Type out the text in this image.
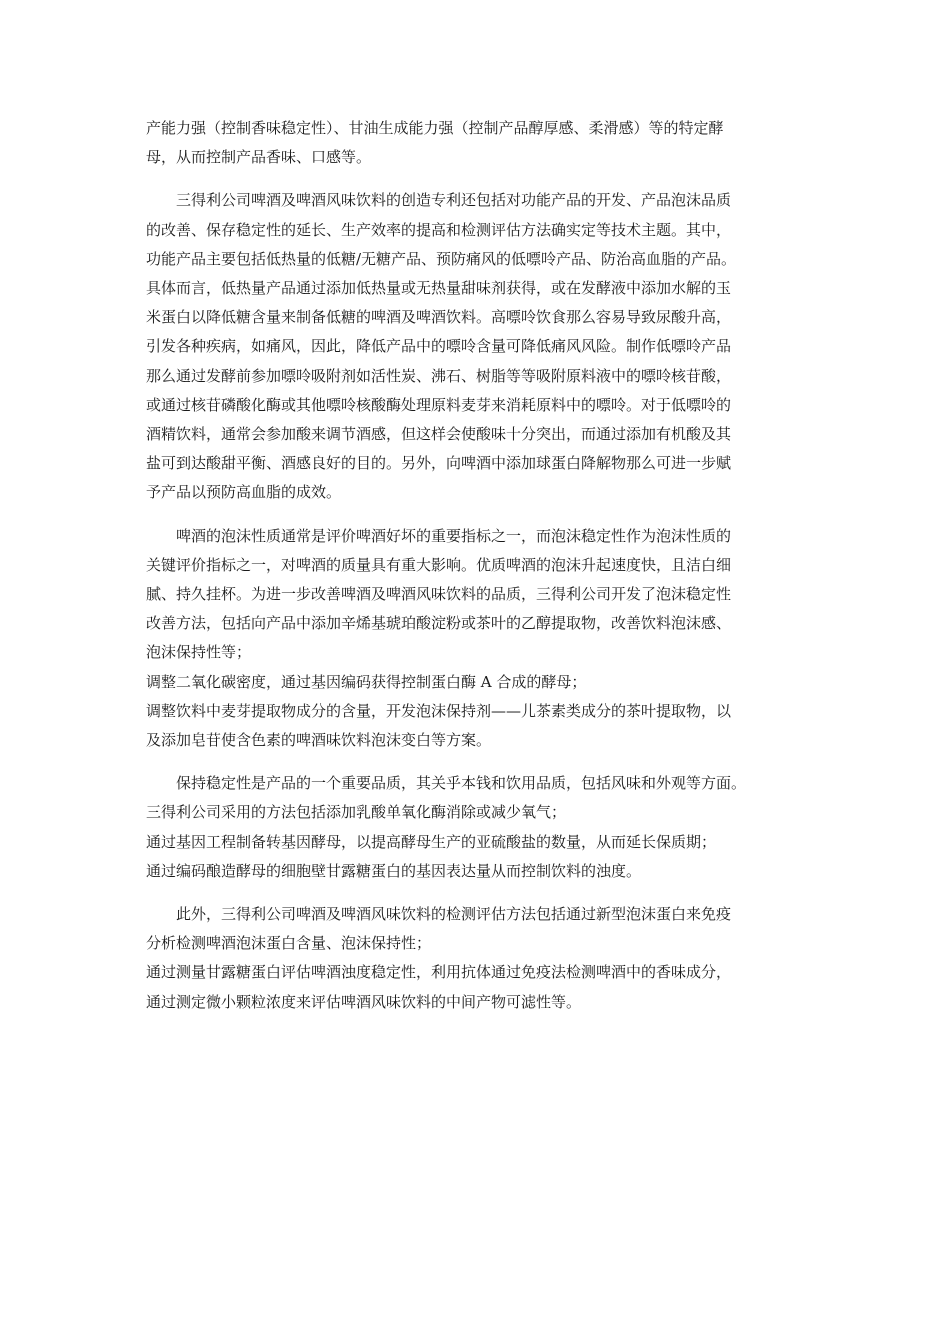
产能力强（控制香味稳定性）、甘油生成能力强（控制产品醇厚感、柔滑感）等的特定酵
母，从而控制产品香味、口感等。
三得利公司啤酒及啤酒风味饮料的创造专利还包括对功能产品的开发、产品泡沫品质
的改善、保存稳定性的延长、生产效率的提高和检测评估方法确实定等技术主题。其中，
功能产品主要包括低热量的低糖/无糖产品、预防痛风的低嘌呤产品、防治高血脂的产品。
具体而言，低热量产品通过添加低热量或无热量甜味剂获得，或在发酵液中添加水解的玉
米蛋白以降低糖含量来制备低糖的啤酒及啤酒饮料。高嘌呤饮食那么容易导致尿酸升高，
引发各种疾病，如痛风，因此，降低产品中的嘌呤含量可降低痛风风险。制作低嘌呤产品
那么通过发酵前参加嘌呤吸附剂如活性炭、沸石、树脂等等吸附原料液中的嘌呤核苷酸，
或通过核苷磷酸化酶或其他嘌呤核酸酶处理原料麦芽来消耗原料中的嘌呤。对于低嘌呤的
酒精饮料，通常会参加酸来调节酒感，但这样会使酸味十分突出，而通过添加有机酸及其
盐可到达酸甜平衡、酒感良好的目的。另外，向啤酒中添加球蛋白降解物那么可进一步赋
予产品以预防高血脂的成效。
啤酒的泡沫性质通常是评价啤酒好坏的重要指标之一，而泡沫稳定性作为泡沫性质的
关键评价指标之一，对啤酒的质量具有重大影响。优质啤酒的泡沫升起速度快，且洁白细
腻、持久挂杯。为进一步改善啤酒及啤酒风味饮料的品质，三得利公司开发了泡沫稳定性
改善方法，包括向产品中添加辛烯基琥珀酸淀粉或茶叶的乙醇提取物，改善饮料泡沫感、
泡沫保持性等；
调整二氧化碳密度，通过基因编码获得控制蛋白酶 A 合成的酵母；
调整饮料中麦芽提取物成分的含量，开发泡沫保持剂——儿茶素类成分的茶叶提取物，以
及添加皂苷使含色素的啤酒味饮料泡沫变白等方案。
保持稳定性是产品的一个重要品质，其关乎本钱和饮用品质，包括风味和外观等方面。
三得利公司采用的方法包括添加乳酸单氧化酶消除或减少氧气；
通过基因工程制备转基因酵母，以提高酵母生产的亚硫酸盐的数量，从而延长保质期；
通过编码酿造酵母的细胞壁甘露糖蛋白的基因表达量从而控制饮料的浊度。
此外，三得利公司啤酒及啤酒风味饮料的检测评估方法包括通过新型泡沫蛋白来免疫
分析检测啤酒泡沫蛋白含量、泡沫保持性；
通过测量甘露糖蛋白评估啤酒浊度稳定性，利用抗体通过免疫法检测啤酒中的香味成分，
通过测定微小颗粒浓度来评估啤酒风味饮料的中间产物可滤性等。
